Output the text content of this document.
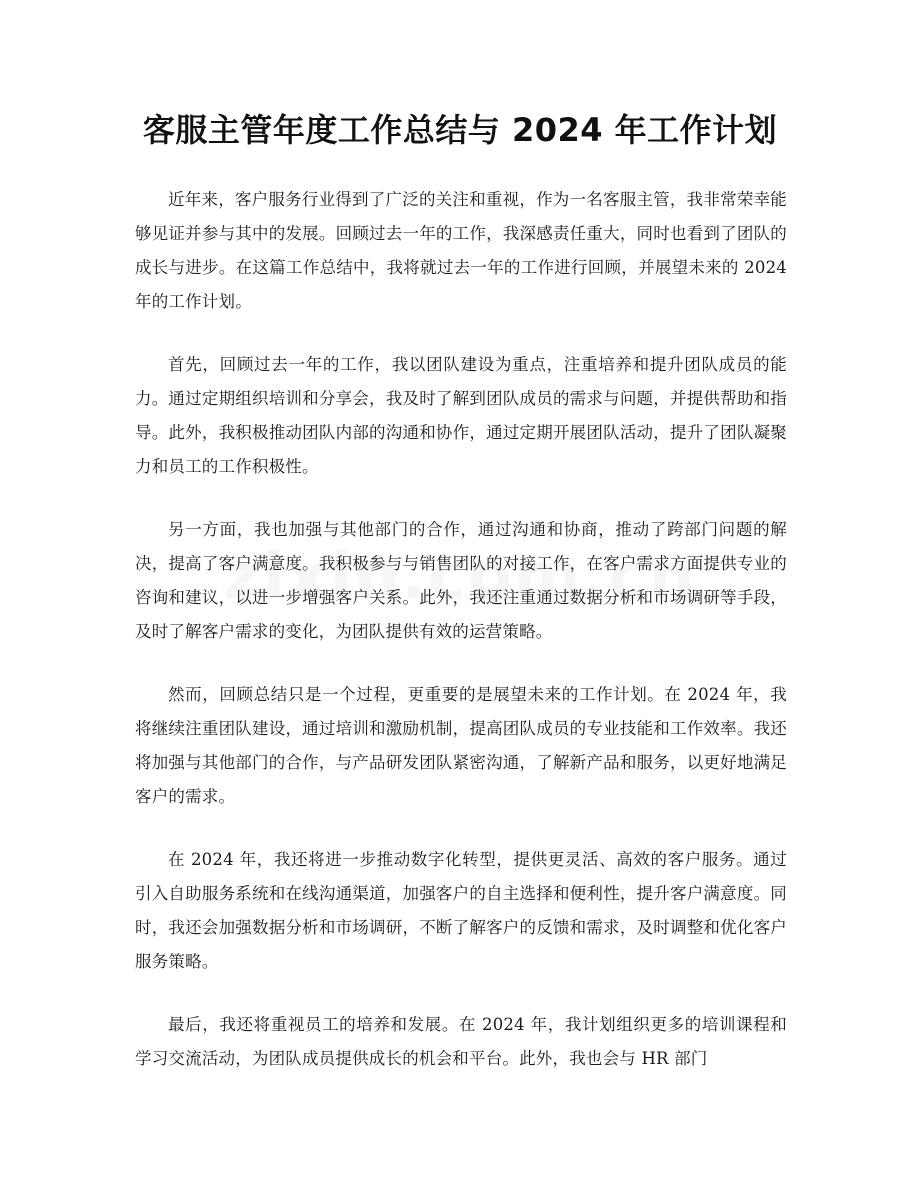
客服主管年度工作总结与 2024 年工作计划

近年来，客户服务行业得到了广泛的关注和重视，作为一名客服主管，我非常荣幸能够见证并参与其中的发展。回顾过去一年的工作，我深感责任重大，同时也看到了团队的成长与进步。在这篇工作总结中，我将就过去一年的工作进行回顾，并展望未来的 2024 年的工作计划。

首先，回顾过去一年的工作，我以团队建设为重点，注重培养和提升团队成员的能力。通过定期组织培训和分享会，我及时了解到团队成员的需求与问题，并提供帮助和指导。此外，我积极推动团队内部的沟通和协作，通过定期开展团队活动，提升了团队凝聚力和员工的工作积极性。

另一方面，我也加强与其他部门的合作，通过沟通和协商，推动了跨部门问题的解决，提高了客户满意度。我积极参与与销售团队的对接工作，在客户需求方面提供专业的咨询和建议，以进一步增强客户关系。此外，我还注重通过数据分析和市场调研等手段，及时了解客户需求的变化，为团队提供有效的运营策略。

然而，回顾总结只是一个过程，更重要的是展望未来的工作计划。在 2024 年，我将继续注重团队建设，通过培训和激励机制，提高团队成员的专业技能和工作效率。我还将加强与其他部门的合作，与产品研发团队紧密沟通，了解新产品和服务，以更好地满足客户的需求。

在 2024 年，我还将进一步推动数字化转型，提供更灵活、高效的客户服务。通过引入自助服务系统和在线沟通渠道，加强客户的自主选择和便利性，提升客户满意度。同时，我还会加强数据分析和市场调研，不断了解客户的反馈和需求，及时调整和优化客户服务策略。

最后，我还将重视员工的培养和发展。在 2024 年，我计划组织更多的培训课程和学习交流活动，为团队成员提供成长的机会和平台。此外，我也会与 HR 部门
